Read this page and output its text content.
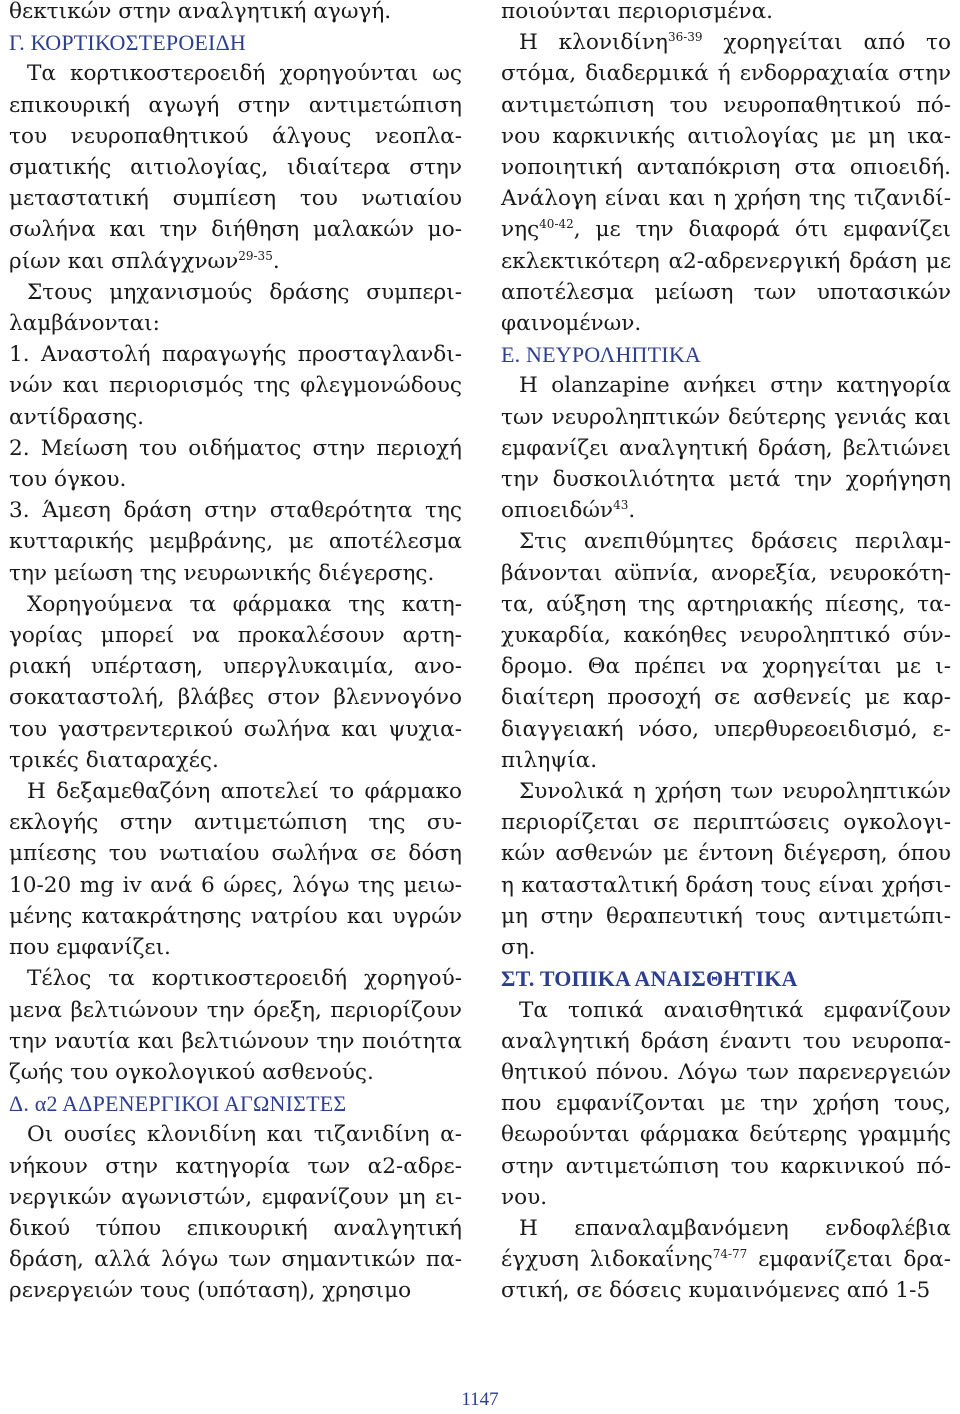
θεκτικών στην αναλγητική αγωγή.

Γ. ΚΟΡΤΙΚΟΣΤΕΡΟΕΙΔΗ

Τα κορτικοστεροειδή χορηγούνται ως επικουρική αγωγή στην αντιμετώπιση του νευροπαθητικού άλγους νεοπλασματικής αιτιολογίας, ιδιαίτερα στην μεταστατική συμπίεση του νωτιαίου σωλήνα και την διήθηση μαλακών μορίων και σπλάγχνων$^{29-35}$.

Στους μηχανισμούς δράσης συμπεριλαμβάνονται:

1. Αναστολή παραγωγής προσταγλανδινών και περιορισμός της φλεγμονώδους αντίδρασης.

2. Μείωση του οιδήματος στην περιοχή του όγκου.

3. Άμεση δράση στην σταθερότητα της κυτταρικής μεμβράνης, με αποτέλεσμα την μείωση της νευρωνικής διέγερσης.

Χορηγούμενα τα φάρμακα της κατηγορίας μπορεί να προκαλέσουν αρτηριακή υπέρταση, υπεργλυκαιμία, ανοσοκαταστολή, βλάβες στον βλεννογόνο του γαστρεντερικού σωλήνα και ψυχιατρικές διαταραχές.

Η δεξαμεθαζόνη αποτελεί το φάρμακο εκλογής στην αντιμετώπιση της συμπίεσης του νωτιαίου σωλήνα σε δόση 10-20 mg iv ανά 6 ώρες, λόγω της μειωμένης κατακράτησης νατρίου και υγρών που εμφανίζει.

Τέλος τα κορτικοστεροειδή χορηγούμενα βελτιώνουν την όρεξη, περιορίζουν την ναυτία και βελτιώνουν την ποιότητα ζωής του ογκολογικού ασθενούς.

Δ. α2 ΑΔΡΕΝΕΡΓΙΚΟΙ ΑΓΩΝΙΣΤΕΣ

Οι ουσίες κλονιδίνη και τιζανιδίνη ανήκουν στην κατηγορία των α2-αδρενεργικών αγωνιστών, εμφανίζουν μη ειδικού τύπου επικουρική αναλγητική δράση, αλλά λόγω των σημαντικών παρενεργειών τους (υπόταση), χρησιμο

ποιούνται περιορισμένα.

Η κλονιδίνη$^{36-39}$ χορηγείται από το στόμα, διαδερμικά ή ενδορραχιαία στην αντιμετώπιση του νευροπαθητικού πόνου καρκινικής αιτιολογίας με μη ικανοποιητική ανταπόκριση στα οπιοειδή. Ανάλογη είναι και η χρήση της τιζανιδίνης$^{40-42}$, με την διαφορά ότι εμφανίζει εκλεκτικότερη α2-αδρενεργική δράση με αποτέλεσμα μείωση των υποτασικών φαινομένων.

Ε. ΝΕΥΡΟΛΗΠΤΙΚΑ

Η olanzapine ανήκει στην κατηγορία των νευροληπτικών δεύτερης γενιάς και εμφανίζει αναλγητική δράση, βελτιώνει την δυσκοιλιότητα μετά την χορήγηση οπιοειδών$^{43}$.

Στις ανεπιθύμητες δράσεις περιλαμβάνονται αϋπνία, ανορεξία, νευροκότητα, αύξηση της αρτηριακής πίεσης, ταχυκαρδία, κακόηθες νευροληπτικό σύνδρομο. Θα πρέπει να χορηγείται με ιδιαίτερη προσοχή σε ασθενείς με καρδιαγγειακή νόσο, υπερθυρεοειδισμό, επιληψία.

Συνολικά η χρήση των νευροληπτικών περιορίζεται σε περιπτώσεις ογκολογικών ασθενών με έντονη διέγερση, όπου η κατασταλτική δράση τους είναι χρήσιμη στην θεραπευτική τους αντιμετώπιση.

ΣΤ. ΤΟΠΙΚΑ ΑΝΑΙΣΘΗΤΙΚΑ

Τα τοπικά αναισθητικά εμφανίζουν αναλγητική δράση έναντι του νευροπαθητικού πόνου. Λόγω των παρενεργειών που εμφανίζονται με την χρήση τους, θεωρούνται φάρμακα δεύτερης γραμμής στην αντιμετώπιση του καρκινικού πόνου.

Η επαναλαμβανόμενη ενδοφλέβια έγχυση λιδοκαΐνης$^{74-77}$ εμφανίζεται δραστική, σε δόσεις κυμαινόμενες από 1-5

1147
